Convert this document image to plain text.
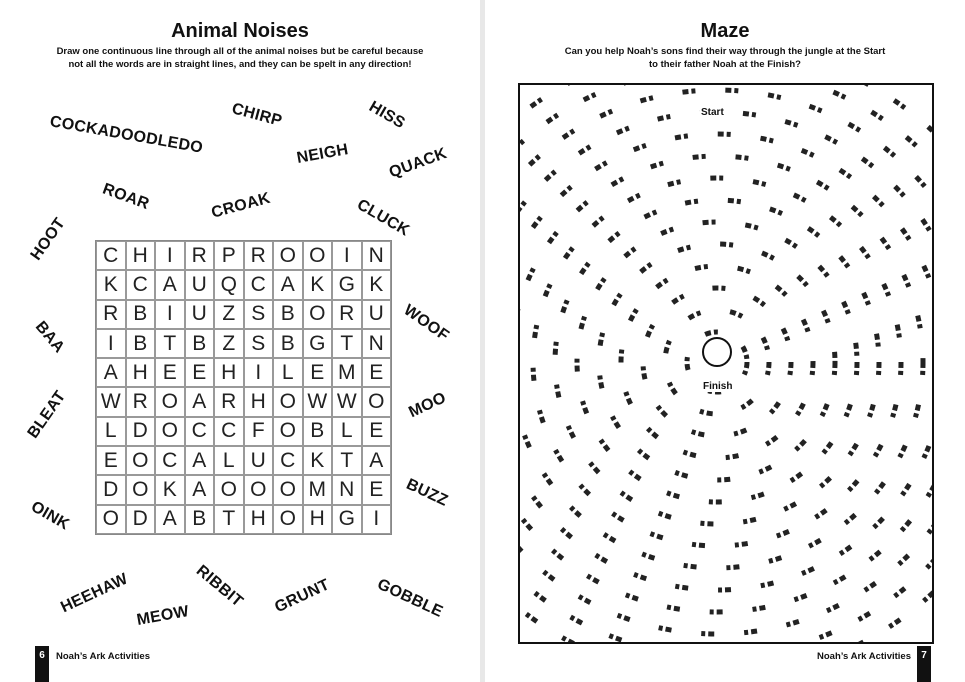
Animal Noises
Draw one continuous line through all of the animal noises but be careful because
not all the words are in straight lines, and they can be spelt in any direction!
COCKADOODLEDO CHIRP	HISS
NEIGH QUACK
ROAR	CROAK	CLUCK
HOOT
WOOF
BAA
BLEAT	MOO
BUZZ
OINK
HEEHAW	RIBBIT
MEOW	GRUNT	GOBBLE
C H I R P R O O I N
K C A U Q C A K G K
R B I U Z S B O R U
I B T B Z S B G T N
A H E E H I L E M E
W R O A R H O W W O
L D O C C F O B L E
E O C A L U C K T A
D O K A O O O M N E
O D A B T H O H G I
6	Noah’s Ark Activities
Maze
Can you help Noah’s sons find their way through the jungle at the Start
to their father Noah at the Finish?
Start
Finish
Noah’s Ark Activities	7
